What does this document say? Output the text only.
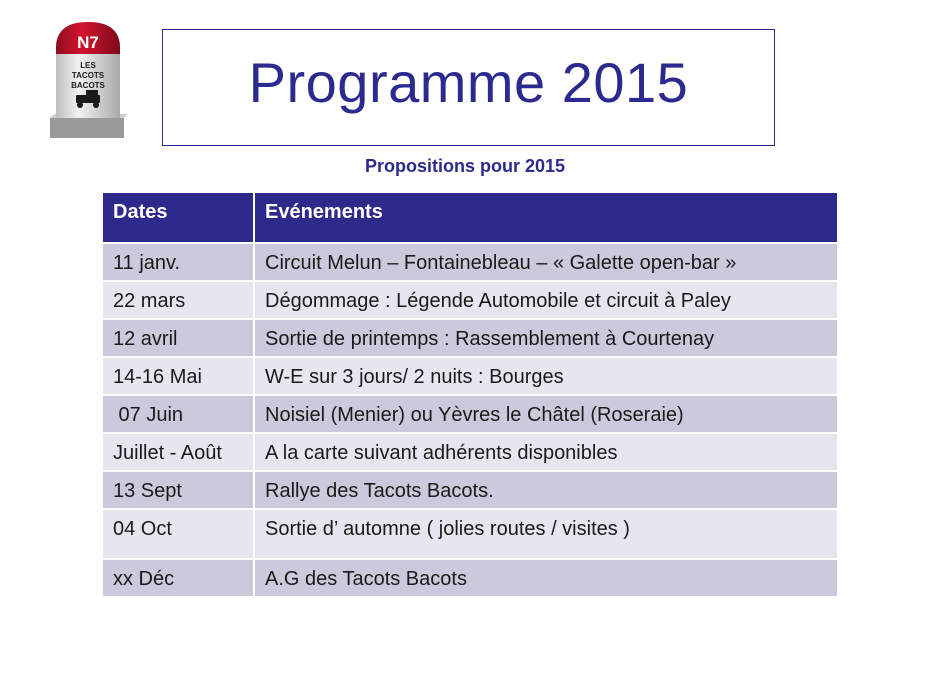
N7
LES
TACOTS
BACOTS	Programme 2015
Propositions pour 2015
Dates	Evénements
11 janv.	Circuit Melun – Fontainebleau – « Galette open-bar »
22 mars	Dégommage : Légende Automobile et circuit à Paley
12 avril	Sortie de printemps : Rassemblement à Courtenay
14-16 Mai	W-E sur 3 jours/ 2 nuits : Bourges
07 Juin	Noisiel (Menier) ou Yèvres le Châtel (Roseraie)
Juillet - Août	A la carte suivant adhérents disponibles
13 Sept	Rallye des Tacots Bacots.
04 Oct	Sortie d’ automne ( jolies routes / visites )
xx Déc	A.G des Tacots Bacots
